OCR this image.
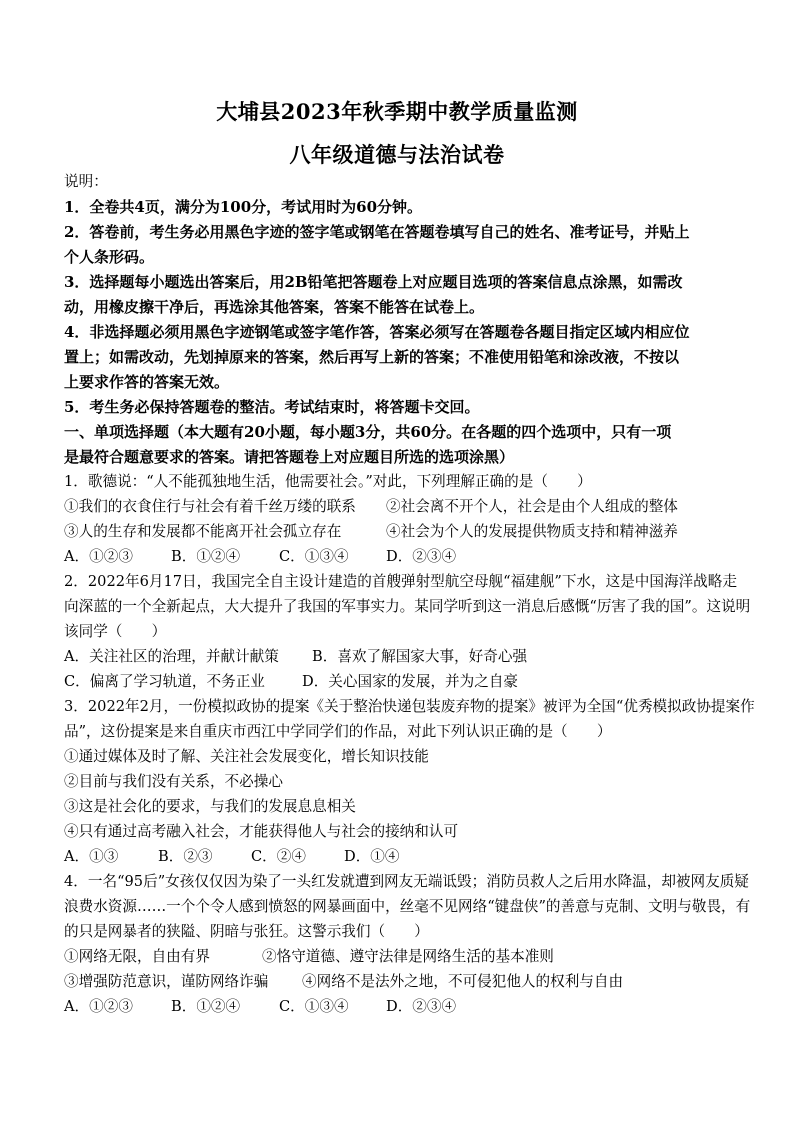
大埔县2023年秋季期中教学质量监测
八年级道德与法治试卷
说明：
1．全卷共4页，满分为100分，考试用时为60分钟。
2．答卷前，考生务必用黑色字迹的签字笔或钢笔在答题卷填写自己的姓名、准考证号，并贴上
个人条形码。
3．选择题每小题选出答案后，用2B铅笔把答题卷上对应题目选项的答案信息点涂黑，如需改
动，用橡皮擦干净后，再选涂其他答案，答案不能答在试卷上。
4．非选择题必须用黑色字迹钢笔或签字笔作答，答案必须写在答题卷各题目指定区域内相应位
置上；如需改动，先划掉原来的答案，然后再写上新的答案；不准使用铅笔和涂改液，不按以
上要求作答的答案无效。
5．考生务必保持答题卷的整洁。考试结束时，将答题卡交回。
一、单项选择题（本大题有20小题，每小题3分，共60分。在各题的四个选项中，只有一项
是最符合题意要求的答案。请把答题卷上对应题目所选的选项涂黑）
1．歌德说：“人不能孤独地生活，他需要社会。”对此，下列理解正确的是（　　）
①我们的衣食住行与社会有着千丝万缕的联系 ②社会离不开个人，社会是由个人组成的整体
③人的生存和发展都不能离开社会孤立存在	④社会为个人的发展提供物质支持和精神滋养
A．①②③	B．①②④	C．①③④	D．②③④
2．2022年6月17日，我国完全自主设计建造的首艘弹射型航空母舰“福建舰”下水，这是中国海洋战略走
向深蓝的一个全新起点，大大提升了我国的军事实力。某同学听到这一消息后感慨“厉害了我的国”。这说明
该同学（　　）
A．关注社区的治理，并献计献策 B．喜欢了解国家大事，好奇心强
C．偏离了学习轨道，不务正业	D．关心国家的发展，并为之自豪
3．2022年2月，一份模拟政协的提案《关于整治快递包装废弃物的提案》被评为全国“优秀模拟政协提案作
品”，这份提案是来自重庆市西江中学同学们的作品，对此下列认识正确的是（　　）
①通过媒体及时了解、关注社会发展变化，增长知识技能
②目前与我们没有关系，不必操心
③这是社会化的要求，与我们的发展息息相关
④只有通过高考融入社会，才能获得他人与社会的接纳和认可
A．①③	B．②③	C．②④	D．①④
4．一名“95后”女孩仅仅因为染了一头红发就遭到网友无端诋毁；消防员救人之后用水降温，却被网友质疑
浪费水资源……一个个令人感到愤怒的网暴画面中，丝毫不见网络“键盘侠”的善意与克制、文明与敬畏，有
的只是网暴者的狭隘、阴暗与张狂。这警示我们（　　）
①网络无限，自由有界	②恪守道德、遵守法律是网络生活的基本准则
③增强防范意识，谨防网络诈骗 ④网络不是法外之地，不可侵犯他人的权利与自由
A．①②③	B．①②④	C．①③④	D．②③④
